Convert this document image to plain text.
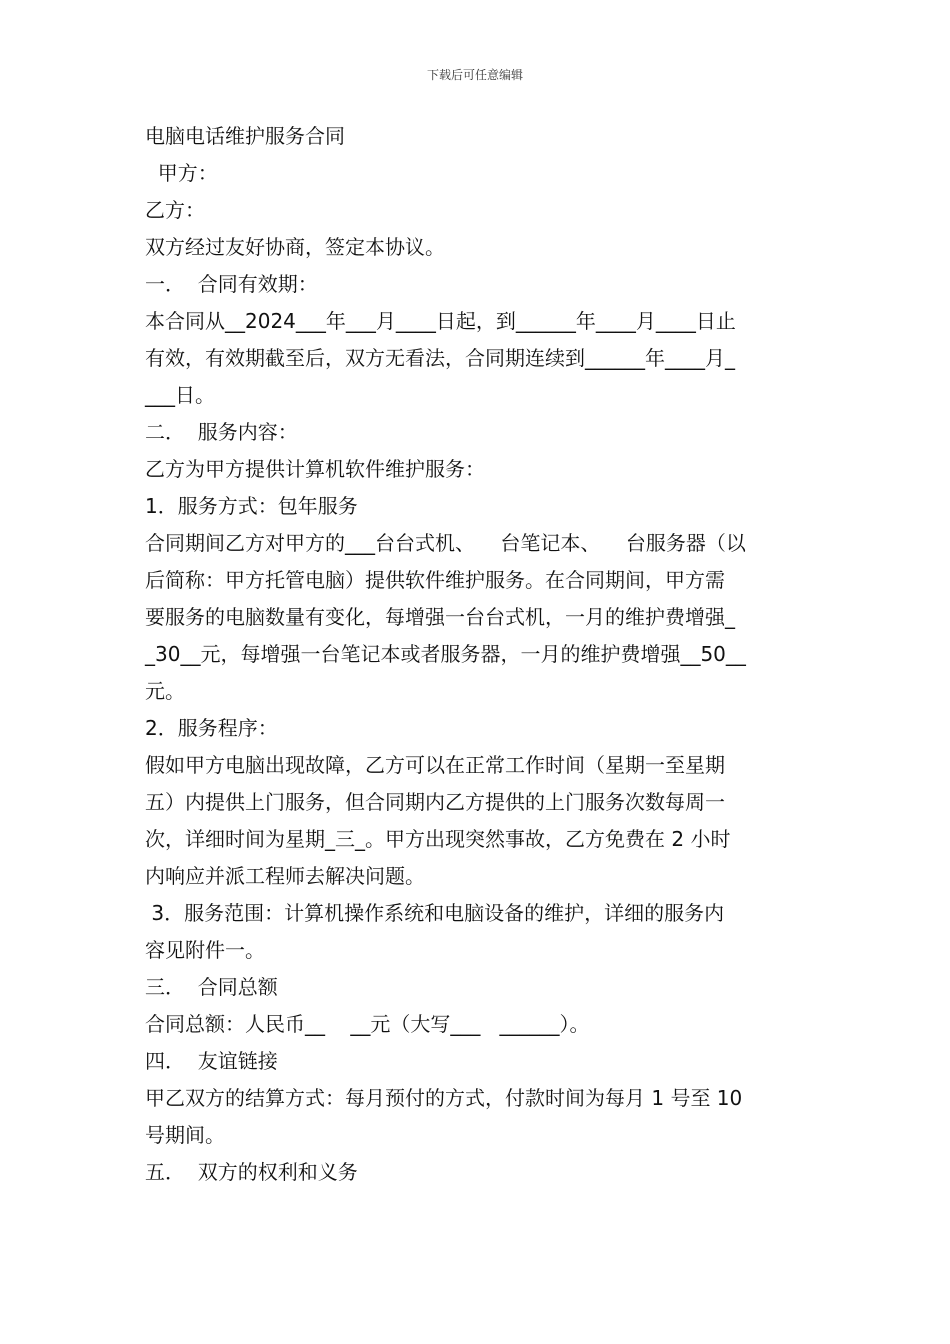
下载后可任意编辑

电脑电话维护服务合同

甲方：

乙方：

双方经过友好协商，签定本协议。

一．  合同有效期：

本合同从__2024___年___月____日起，到______年____月____日止

有效，有效期截至后，双方无看法，合同期连续到______年____月_

___日。

二．  服务内容：

乙方为甲方提供计算机软件维护服务：

1．服务方式：包年服务

合同期间乙方对甲方的___台台式机、    台笔记本、    台服务器（以

后简称：甲方托管电脑）提供软件维护服务。在合同期间，甲方需

要服务的电脑数量有变化，每增强一台台式机，一月的维护费增强_

_30__元，每增强一台笔记本或者服务器，一月的维护费增强__50__

元。

2．服务程序：

假如甲方电脑出现故障，乙方可以在正常工作时间（星期一至星期

五）内提供上门服务，但合同期内乙方提供的上门服务次数每周一

次，详细时间为星期_三_。甲方出现突然事故，乙方免费在 2 小时

内响应并派工程师去解决问题。

3．服务范围：计算机操作系统和电脑设备的维护，详细的服务内

容见附件一。

三．  合同总额

合同总额：人民币__    __元（大写___   ______）。

四．  友谊链接

甲乙双方的结算方式：每月预付的方式，付款时间为每月 1 号至 10

号期间。

五．  双方的权利和义务
